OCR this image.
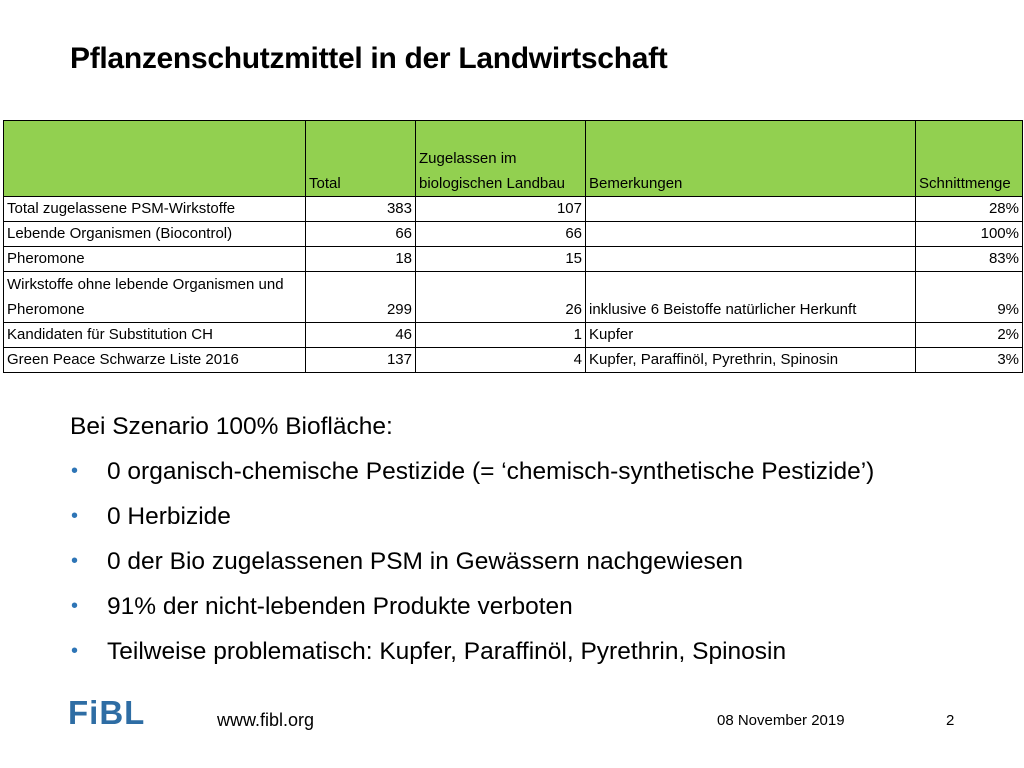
Pflanzenschutzmittel in der Landwirtschaft
	Total	Zugelassen im biologischen Landbau	Bemerkungen	Schnittmenge
Total zugelassene PSM-Wirkstoffe	383	107		28%
Lebende Organismen (Biocontrol)	66	66		100%
Pheromone	18	15		83%
Wirkstoffe ohne lebende Organismen und Pheromone	299	26	inklusive 6 Beistoffe natürlicher Herkunft	9%
Kandidaten für Substitution CH	46	1	Kupfer	2%
Green Peace Schwarze Liste 2016	137	4	Kupfer, Paraffinöl, Pyrethrin, Spinosin	3%
Bei Szenario 100% Biofläche:
• 0 organisch-chemische Pestizide (= ‘chemisch-synthetische Pestizide’)
• 0 Herbizide
• 0 der Bio zugelassenen PSM in Gewässern nachgewiesen
• 91% der nicht-lebenden Produkte verboten
• Teilweise problematisch: Kupfer, Paraffinöl, Pyrethrin, Spinosin
FiBL	www.fibl.org	08 November 2019	2
